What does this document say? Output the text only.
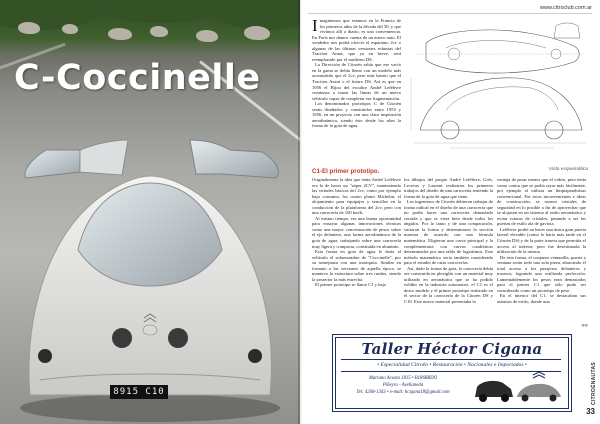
C-Coccinelle
8915 C10
www.citroclub.com.ar

Imaginemos que estamos en la Francia de los primeros años de la década del 50, y que vivimos allí a diario, es una conveniencia. En París nos damos cuenta de un nuevo auto. El vendedor nos podrá ofrecer el espartano 2cv o algunas de las últimas versiones robustas del Traction Avant, que ya en breve, será reemplazado por el moderno DS.

La Dirección de Citroën sabía que ese vacío en la gama se debía llenar con un modelo más acomodado que el 2cv, pero más barato que el Traction Avant o el futuro DS. Así es que en 1956 el Bijou del escultor André Lefèbvre comienza a trazar las líneas de un nuevo vehículo capaz de completar esa fragmentación.

Los denominados prototipos C de Citroën serán diseñados y construidos entre 1955 y 1956, en un proyecto con una clara inspiración aerodinámica, siendo éste desde los años la forma de la gota de agua.

Vista esquemática
C1-El primer prototipo.

Originalmente la idea que tenía André Lefèbvre era la de hacer un "súper 2CV", manteniendo las virtudes básicas del 2cv, como por ejemplo bajo consumo, los cuatro platos Michelin, el alojamiento para equipajes y sencillez en la conducción de la plataforma del 2cv, pero con una carrocería de 100 km/h.

Al mismo tiempo, era una buena oportunidad para ensayar algunas innovaciones técnicas como una mayor concentración de pesos sobre el eje delantero, una forma aerodinámica de la gota de agua, trabajando sobre una carrocería muy ligera y compacta, construida en aluminio.

Esta forma en gota de agua le daría al vehículo el sobrenombre de "Coccinelle", por su semejanza con una mariquita. Similar en formato a las versiones de aquella época, se mantuvo la estructura sobre tres ruedas, siendo la posterior la más estrecha.

El primer prototipo se llamó C1 y bajo

los dibujos del propio André Lefèbvre, Grés, Lecreux y Laurent realizaron los primeros trabajos del diseño de una carrocería teniendo la forma de la gota de agua que tiene.

Los ingenieros de Citroën debieron trabajar de forma radical en el diseño de una carrocería que no podía hacer una carrocería demasiado cerrada y que se viera bien desde todos los ángulos. Por lo tanto y de una comparación, variaron la forma y determinaron la sección maestra de acuerdo con una fórmula matemática. Eligieron una curva principal y la complementaria con curvas cuadráticas determinadas por una tabla de logaritmos. Este método matemático sería también considerado para el estudio de otras carrocerías.

Así, dado la forma de gota, la carrocería debía ser construida en plexiglás con un material muy utilizado en aeronáutica que se ha podido exhibir en la industria automotriz, el C1 es el único modelo y el primer prototipo realizado en el sector de la carrocería de la Citroën DS y C10. Este nuevo material presentaba la

ventaja de pesar menos que el vidrio, pero tenía como contra que se podía rayar más fácilmente, por ejemplo al utilizar un limpiaparabrisas convencional. Por estos inconvenientes e ideas de construcción, se usaron cristales de seguridad en lo posible a fin de aprovechar que se alojasen en un sistema al estilo aeronáutico y evitar roturas de cristales, pasando a ser las puertas de estilo ala de gaviota.

Lefèbvre probó en hacer una única gran puerta lateral elevable (como lo haría más tarde en el Citroën DS) y de la parte trasera que permitía el acceso al interior, pero fue desestimada la utilización de la misma.

De esta forma, el conjunto ventanilla, puerta y ventana serán todo una sola pieza, abarcando el total acceso a los pasajeros delanteros y traseros, logrando una estilizada perfección. Lamentablemente los pesos eran demasiados para el primer C1 que sólo pudo ser considerado como un prototipo de peso.

En el interior del C1, se destacaban sus asientos de estilo, donde una

»»
Taller Héctor Cigana
• Especialidad Citroën • Restauración • Nacionales e Importados •
Mariano Acosta 1815 • B1868BDO
Piñeyro - Avellaneda
Tel: 4208-1343 • e-mail: hcigana18@gmail.com	CITROËNAUTAS
33
